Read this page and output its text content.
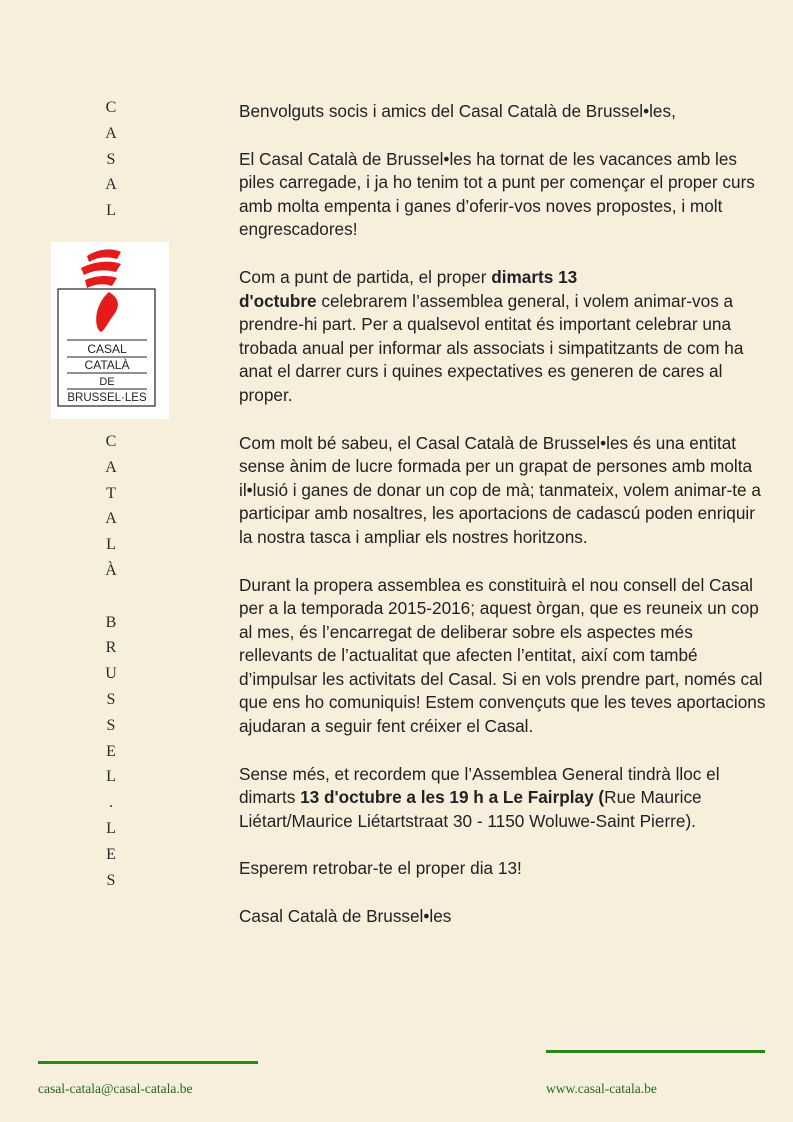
C
A
S
A
L
CASAL
CATALÀ
DE
BRUSSEL·LES
C
A
T
A
L
À
B
R
U
S
S
E
L
.
L
E
S

Benvolguts socis i amics del Casal Català de Brussel•les,

El Casal Català de Brussel•les ha tornat de les vacances amb les piles carregade, i ja ho tenim tot a punt per començar el proper curs amb molta empenta i ganes d’oferir-vos noves propostes, i molt engrescadores!

Com a punt de partida, el proper dimarts 13
d'octubre celebrarem l’assemblea general, i volem animar-vos a prendre-hi part. Per a qualsevol entitat és important celebrar una trobada anual per informar als associats i simpatitzants de com ha anat el darrer curs i quines expectatives es generen de cares al proper.

Com molt bé sabeu, el Casal Català de Brussel•les és una entitat sense ànim de lucre formada per un grapat de persones amb molta il•lusió i ganes de donar un cop de mà; tanmateix, volem animar-te a participar amb nosaltres, les aportacions de cadascú poden enriquir la nostra tasca i ampliar els nostres horitzons.

Durant la propera assemblea es constituirà el nou consell del Casal per a la temporada 2015-2016; aquest òrgan, que es reuneix un cop al mes, és l’encarregat de deliberar sobre els aspectes més rellevants de l’actualitat que afecten l’entitat, així com també d’impulsar les activitats del Casal. Si en vols prendre part, només cal que ens ho comuniquis! Estem convençuts que les teves aportacions ajudaran a seguir fent créixer el Casal.

Sense més, et recordem que l’Assemblea General tindrà lloc el dimarts 13 d'octubre a les 19 h a Le Fairplay (Rue Maurice Liétart/Maurice Liétartstraat 30 - 1150 Woluwe-Saint Pierre).

Esperem retrobar-te el proper dia 13!

Casal Català de Brussel•les

casal-catala@casal-catala.be	www.casal-catala.be
